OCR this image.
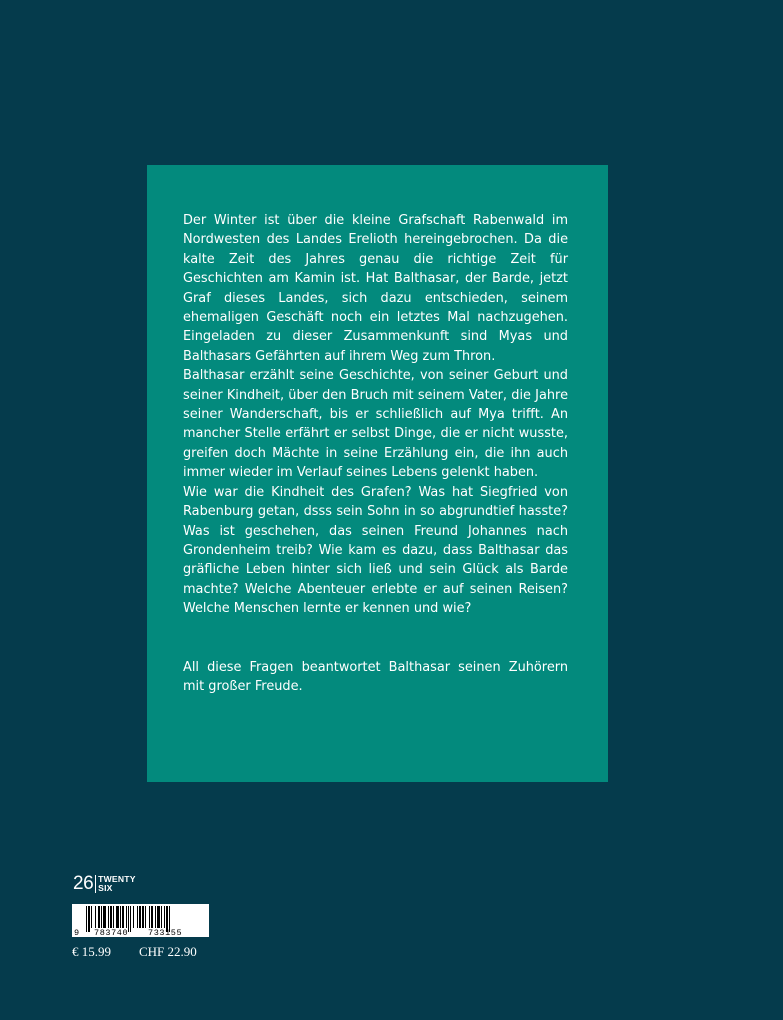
Der Winter ist über die kleine Grafschaft Rabenwald im Nordwesten des Landes Erelioth hereingebrochen. Da die kalte Zeit des Jahres genau die richtige Zeit für Geschichten am Kamin ist. Hat Balthasar, der Barde, jetzt Graf dieses Landes, sich dazu entschieden, seinem ehemaligen Geschäft noch ein letztes Mal nachzugehen. Eingeladen zu dieser Zusammenkunft sind Myas und Balthasars Gefährten auf ihrem Weg zum Thron.

Balthasar erzählt seine Geschichte, von seiner Geburt und seiner Kindheit, über den Bruch mit seinem Vater, die Jahre seiner Wanderschaft, bis er schließlich auf Mya trifft. An mancher Stelle erfährt er selbst Dinge, die er nicht wusste, greifen doch Mächte in seine Erzählung ein, die ihn auch immer wieder im Verlauf seines Lebens gelenkt haben.

Wie war die Kindheit des Grafen? Was hat Siegfried von Rabenburg getan, dsss sein Sohn in so abgrundtief hasste? Was ist geschehen, das seinen Freund Johannes nach Grondenheim treib? Wie kam es dazu, dass Balthasar das gräfliche Leben hinter sich ließ und sein Glück als Barde machte? Welche Abenteuer erlebte er auf seinen Reisen? Welche Menschen lernte er kennen und wie?

All diese Fragen beantwortet Balthasar seinen Zuhörern mit großer Freude.

26 TWENTY
SIX
9 783740 733155
€ 15.99 CHF 22.90
